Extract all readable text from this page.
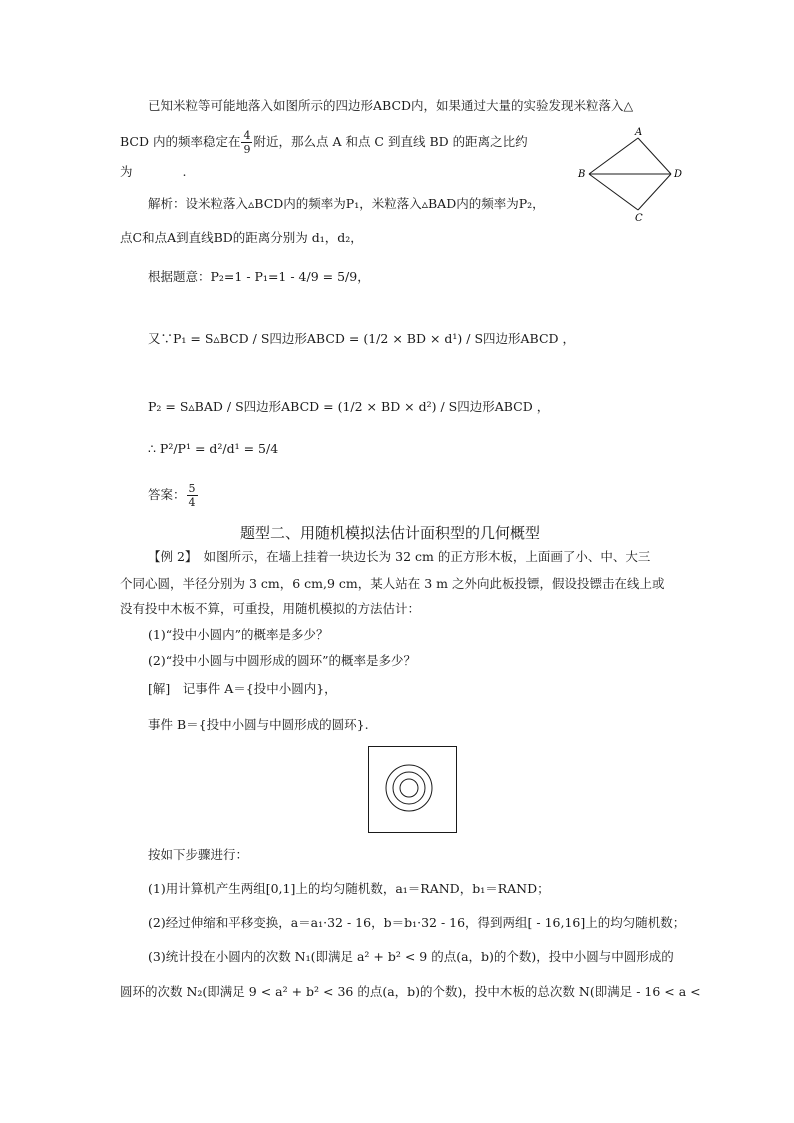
已知米粒等可能地落入如图所示的四边形ABCD内，如果通过大量的实验发现米粒落入△
BCD 内的频率稳定在 $\frac{4}{9}$ 附近，那么点 A 和点 C 到直线 BD 的距离之比约
为　　　　.
A
B	D
C
解析：设米粒落入▵BCD内的频率为P₁，米粒落入▵BAD内的频率为P₂，
点C和点A到直线BD的距离分别为 d₁，d₂，
根据题意：P₂=1 - P₁=1 - 4/9 = 5/9，
又∵P₁ = S▵BCD / S四边形ABCD = (1/2 × BD × d¹) / S四边形ABCD ，
P₂ = S▵BAD / S四边形ABCD = (1/2 × BD × d²) / S四边形ABCD ，
∴ P²/P¹ = d²/d¹ = 5/4
答案： $\frac{5}{4}$
题型二、用随机模拟法估计面积型的几何概型
【例 2】　如图所示，在墙上挂着一块边长为 32 cm 的正方形木板，上面画了小、中、大三
个同心圆，半径分别为 3 cm，6 cm,9 cm，某人站在 3 m 之外向此板投镖，假设投镖击在线上或
没有投中木板不算，可重投，用随机模拟的方法估计：
(1)“投中小圆内”的概率是多少？
(2)“投中小圆与中圆形成的圆环”的概率是多少？
[解]　记事件 A＝{投中小圆内}，
事件 B＝{投中小圆与中圆形成的圆环}.
按如下步骤进行：
(1)用计算机产生两组[0,1]上的均匀随机数，a₁＝RAND，b₁＝RAND；
(2)经过伸缩和平移变换，a＝a₁·32 - 16，b＝b₁·32 - 16，得到两组[ - 16,16]上的均匀随机数；
(3)统计投在小圆内的次数 N₁(即满足 a² + b² < 9 的点(a，b)的个数)，投中小圆与中圆形成的
圆环的次数 N₂(即满足 9 < a² + b² < 36 的点(a，b)的个数)，投中木板的总次数 N(即满足 - 16 < a <
